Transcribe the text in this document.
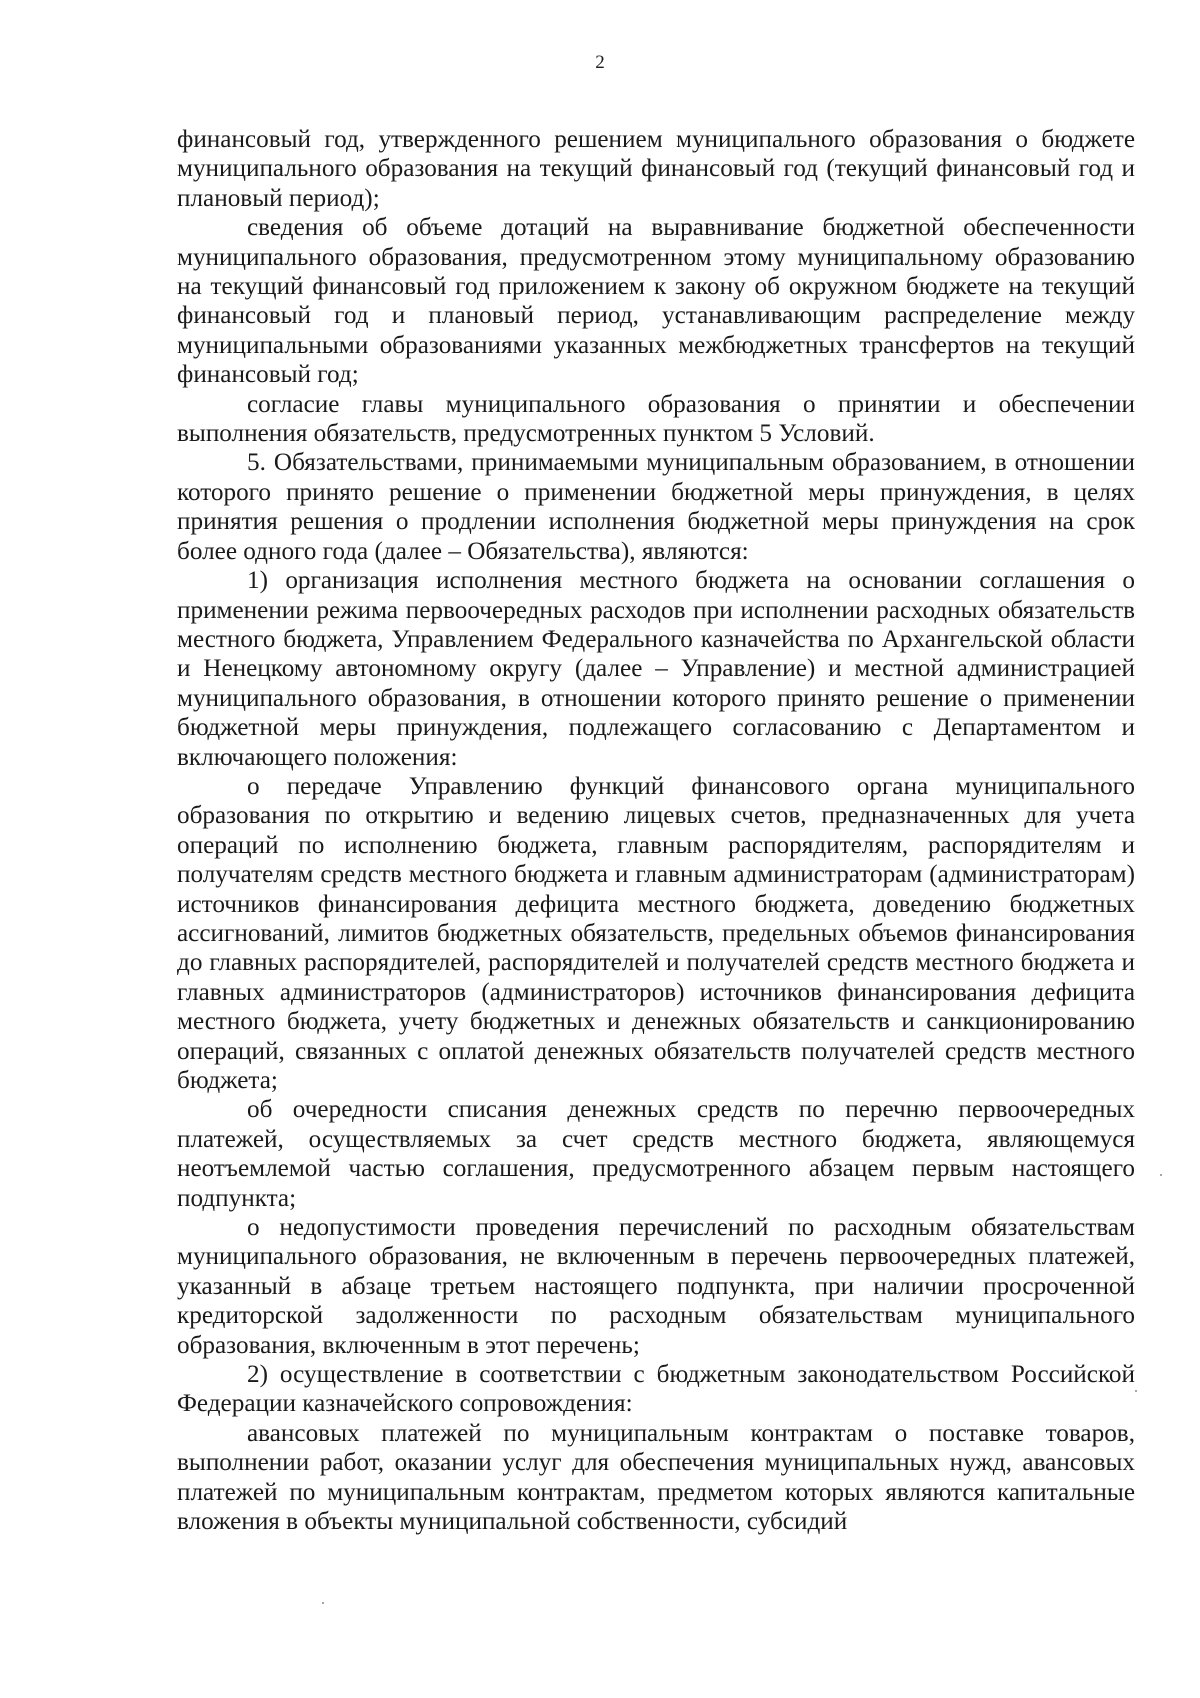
2

финансовый год, утвержденного решением муниципального образования о бюджете муниципального образования на текущий финансовый год (текущий финансовый год и плановый период);

сведения об объеме дотаций на выравнивание бюджетной обеспеченности муниципального образования, предусмотренном этому муниципальному образованию на текущий финансовый год приложением к закону об окружном бюджете на текущий финансовый год и плановый период, устанавливающим распределение между муниципальными образованиями указанных межбюджетных трансфертов на текущий финансовый год;

согласие главы муниципального образования о принятии и обеспечении выполнения обязательств, предусмотренных пунктом 5 Условий.

5. Обязательствами, принимаемыми муниципальным образованием, в отношении которого принято решение о применении бюджетной меры принуждения, в целях принятия решения о продлении исполнения бюджетной меры принуждения на срок более одного года (далее – Обязательства), являются:

1) организация исполнения местного бюджета на основании соглашения о применении режима первоочередных расходов при исполнении расходных обязательств местного бюджета, Управлением Федерального казначейства по Архангельской области и Ненецкому автономному округу (далее – Управление) и местной администрацией муниципального образования, в отношении которого принято решение о применении бюджетной меры принуждения, подлежащего согласованию с Департаментом и включающего положения:

о передаче Управлению функций финансового органа муниципального образования по открытию и ведению лицевых счетов, предназначенных для учета операций по исполнению бюджета, главным распорядителям, распорядителям и получателям средств местного бюджета и главным администраторам (администраторам) источников финансирования дефицита местного бюджета, доведению бюджетных ассигнований, лимитов бюджетных обязательств, предельных объемов финансирования до главных распорядителей, распорядителей и получателей средств местного бюджета и главных администраторов (администраторов) источников финансирования дефицита местного бюджета, учету бюджетных и денежных обязательств и санкционированию операций, связанных с оплатой денежных обязательств получателей средств местного бюджета;

об очередности списания денежных средств по перечню первоочередных платежей, осуществляемых за счет средств местного бюджета, являющемуся неотъемлемой частью соглашения, предусмотренного абзацем первым настоящего подпункта;

о недопустимости проведения перечислений по расходным обязательствам муниципального образования, не включенным в перечень первоочередных платежей, указанный в абзаце третьем настоящего подпункта, при наличии просроченной кредиторской задолженности по расходным обязательствам муниципального образования, включенным в этот перечень;

2) осуществление в соответствии с бюджетным законодательством Российской Федерации казначейского сопровождения:

авансовых платежей по муниципальным контрактам о поставке товаров, выполнении работ, оказании услуг для обеспечения муниципальных нужд, авансовых платежей по муниципальным контрактам, предметом которых являются капитальные вложения в объекты муниципальной собственности, субсидий
